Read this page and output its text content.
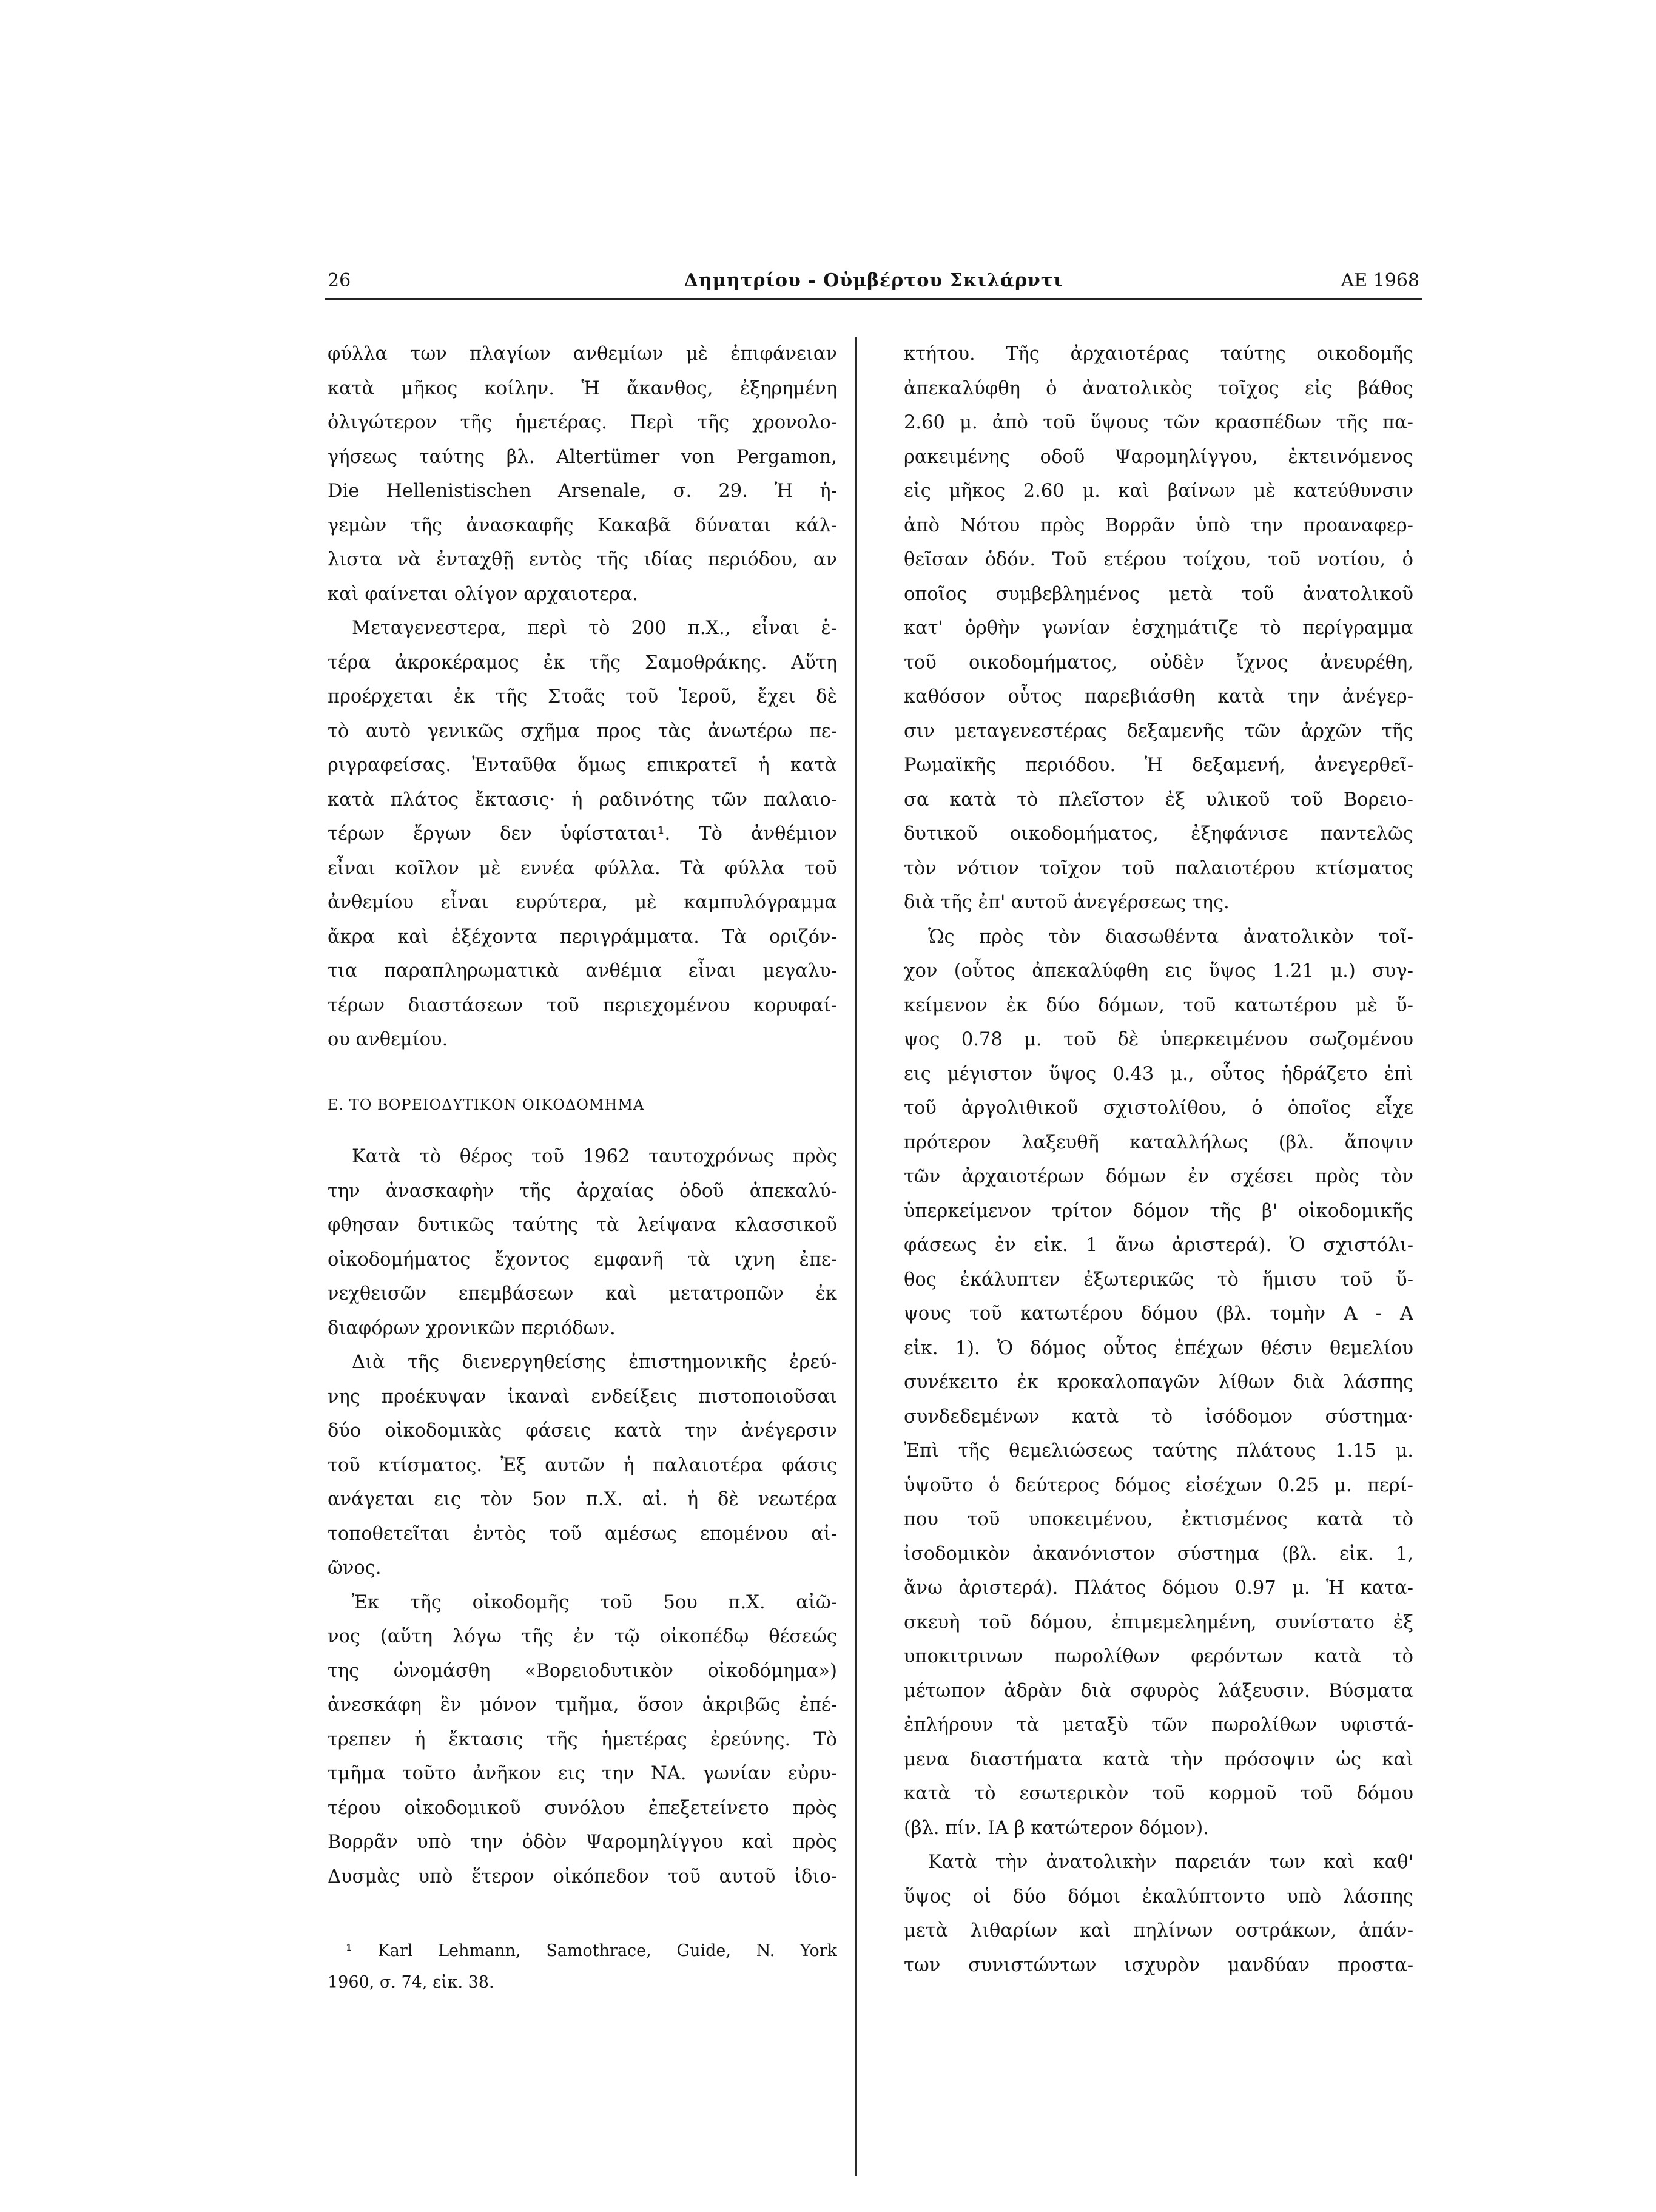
26	Δημητρίου - Οὐμβέρτου Σκιλάρντι	ΑΕ 1968
φύλλα των πλαγίων ανθεμίων μὲ ἐπιφάνειαν
κατὰ μῆκος κοίλην. Ἡ ἄκανθος, ἐξηρημένη
ὀλιγώτερον τῆς ἡμετέρας. Περὶ τῆς χρονολο-
γήσεως ταύτης βλ. Altertümer von Pergamon,
Die Hellenistischen Arsenale, σ. 29. Ἡ ἡ-
γεμὼν τῆς ἀνασκαφῆς Κακαβᾶ δύναται κάλ-
λιστα νὰ ἐνταχθῇ εντὸς τῆς ιδίας περιόδου, αν
καὶ φαίνεται ολίγον αρχαιοτερα.
Μεταγενεστερα, περὶ τὸ 200 π.Χ., εἶναι ἑ-
τέρα ἀκροκέραμος ἐκ τῆς Σαμοθράκης. Αὕτη
προέρχεται ἐκ τῆς Στοᾶς τοῦ Ἱεροῦ, ἔχει δὲ
τὸ αυτὸ γενικῶς σχῆμα προς τὰς ἀνωτέρω πε-
ριγραφείσας. Ἐνταῦθα ὅμως επικρατεῖ ἡ κατὰ
κατὰ πλάτος ἔκτασις· ἡ ραδινότης τῶν παλαιο-
τέρων ἔργων δεν ὑφίσταται¹. Τὸ ἀνθέμιον
εἶναι κοῖλον μὲ εννέα φύλλα. Τὰ φύλλα τοῦ
ἀνθεμίου εἶναι ευρύτερα, μὲ καμπυλόγραμμα
ἄκρα καὶ ἐξέχοντα περιγράμματα. Τὰ οριζόν-
τια παραπληρωματικὰ ανθέμια εἶναι μεγαλυ-
τέρων διαστάσεων τοῦ περιεχομένου κορυφαί-
ου ανθεμίου.
Ε. ΤΟ ΒΟΡΕΙΟΔΥΤΙΚΟΝ ΟΙΚΟΔΟΜΗΜΑ
Κατὰ τὸ θέρος τοῦ 1962 ταυτοχρόνως πρὸς
την ἀνασκαφὴν τῆς ἀρχαίας ὁδοῦ ἀπεκαλύ-
φθησαν δυτικῶς ταύτης τὰ λείψανα κλασσικοῦ
οἰκοδομήματος ἔχοντος εμφανῆ τὰ ιχνη ἐπε-
νεχθεισῶν επεμβάσεων καὶ μετατροπῶν ἐκ
διαφόρων χρονικῶν περιόδων.
Διὰ τῆς διενεργηθείσης ἐπιστημονικῆς ἐρεύ-
νης προέκυψαν ἱκαναὶ ενδείξεις πιστοποιοῦσαι
δύο οἰκοδομικὰς φάσεις κατὰ την ἀνέγερσιν
τοῦ κτίσματος. Ἐξ αυτῶν ἡ παλαιοτέρα φάσις
ανάγεται εις τὸν 5ον π.Χ. αἰ. ἡ δὲ νεωτέρα
τοποθετεῖται ἐντὸς τοῦ αμέσως επομένου αἰ-
ῶνος.
Ἐκ τῆς οἰκοδομῆς τοῦ 5ου π.Χ. αἰῶ-
νος (αὕτη λόγω τῆς ἐν τῷ οἰκοπέδῳ θέσεώς
της ὠνομάσθη «Βορειοδυτικὸν οἰκοδόμημα»)
ἀνεσκάφη ἓν μόνον τμῆμα, ὅσον ἀκριβῶς ἐπέ-
τρεπεν ἡ ἔκτασις τῆς ἡμετέρας ἐρεύνης. Τὸ
τμῆμα τοῦτο ἀνῆκον εις την ΝΑ. γωνίαν εὐρυ-
τέρου οἰκοδομικοῦ συνόλου ἐπεξετείνετο πρὸς
Βορρᾶν υπὸ την ὁδὸν Ψαρομηλίγγου καὶ πρὸς
Δυσμὰς υπὸ ἕτερον οἰκόπεδον τοῦ αυτοῦ ἰδιο-
¹ Karl Lehmann, Samothrace, Guide, N. York
1960, σ. 74, εἰκ. 38.
κτήτου. Τῆς ἀρχαιοτέρας ταύτης οικοδομῆς
ἀπεκαλύφθη ὁ ἀνατολικὸς τοῖχος εἰς βάθος
2.60 μ. ἀπὸ τοῦ ὕψους τῶν κρασπέδων τῆς πα-
ρακειμένης οδοῦ Ψαρομηλίγγου, ἐκτεινόμενος
εἰς μῆκος 2.60 μ. καὶ βαίνων μὲ κατεύθυνσιν
ἀπὸ Νότου πρὸς Βορρᾶν ὑπὸ την προαναφερ-
θεῖσαν ὁδόν. Τοῦ ετέρου τοίχου, τοῦ νοτίου, ὁ
οποῖος συμβεβλημένος μετὰ τοῦ ἀνατολικοῦ
κατ' ὀρθὴν γωνίαν ἐσχημάτιζε τὸ περίγραμμα
τοῦ οικοδομήματος, οὐδὲν ἴχνος ἀνευρέθη,
καθόσον οὗτος παρεβιάσθη κατὰ την ἀνέγερ-
σιν μεταγενεστέρας δεξαμενῆς τῶν ἀρχῶν τῆς
Ρωμαϊκῆς περιόδου. Ἡ δεξαμενή, ἀνεγερθεῖ-
σα κατὰ τὸ πλεῖστον ἐξ υλικοῦ τοῦ Βορειο-
δυτικοῦ οικοδομήματος, ἐξηφάνισε παντελῶς
τὸν νότιον τοῖχον τοῦ παλαιοτέρου κτίσματος
διὰ τῆς ἐπ' αυτοῦ ἀνεγέρσεως της.
Ὡς πρὸς τὸν διασωθέντα ἀνατολικὸν τοῖ-
χον (οὗτος ἀπεκαλύφθη εις ὕψος 1.21 μ.) συγ-
κείμενον ἐκ δύο δόμων, τοῦ κατωτέρου μὲ ὕ-
ψος 0.78 μ. τοῦ δὲ ὑπερκειμένου σωζομένου
εις μέγιστον ὕψος 0.43 μ., οὗτος ἡδράζετο ἐπὶ
τοῦ ἀργολιθικοῦ σχιστολίθου, ὁ ὁποῖος εἶχε
πρότερον λαξευθῆ καταλλήλως (βλ. ἄποψιν
τῶν ἀρχαιοτέρων δόμων ἐν σχέσει πρὸς τὸν
ὑπερκείμενον τρίτον δόμον τῆς β' οἰκοδομικῆς
φάσεως ἐν εἰκ. 1 ἄνω ἀριστερά). Ὁ σχιστόλι-
θος ἐκάλυπτεν ἐξωτερικῶς τὸ ἥμισυ τοῦ ὕ-
ψους τοῦ κατωτέρου δόμου (βλ. τομὴν Α - Α
εἰκ. 1). Ὁ δόμος οὗτος ἐπέχων θέσιν θεμελίου
συνέκειτο ἐκ κροκαλοπαγῶν λίθων διὰ λάσπης
συνδεδεμένων κατὰ τὸ ἰσόδομον σύστημα·
Ἐπὶ τῆς θεμελιώσεως ταύτης πλάτους 1.15 μ.
ὑψοῦτο ὁ δεύτερος δόμος εἰσέχων 0.25 μ. περί-
που τοῦ υποκειμένου, ἐκτισμένος κατὰ τὸ
ἰσοδομικὸν ἀκανόνιστον σύστημα (βλ. εἰκ. 1,
ἄνω ἀριστερά). Πλάτος δόμου 0.97 μ. Ἡ κατα-
σκευὴ τοῦ δόμου, ἐπιμεμελημένη, συνίστατο ἐξ
υποκιτρινων πωρολίθων φερόντων κατὰ τὸ
μέτωπον ἀδρὰν διὰ σφυρὸς λάξευσιν. Βύσματα
ἐπλήρουν τὰ μεταξὺ τῶν πωρολίθων υφιστά-
μενα διαστήματα κατὰ τὴν πρόσοψιν ὡς καὶ
κατὰ τὸ εσωτερικὸν τοῦ κορμοῦ τοῦ δόμου
(βλ. πίν. ΙΑ β κατώτερον δόμον).
Κατὰ τὴν ἀνατολικὴν παρειάν των καὶ καθ'
ὕψος οἱ δύο δόμοι ἐκαλύπτοντο υπὸ λάσπης
μετὰ λιθαρίων καὶ πηλίνων οστράκων, ἁπάν-
των συνιστώντων ισχυρὸν μανδύαν προστα-
